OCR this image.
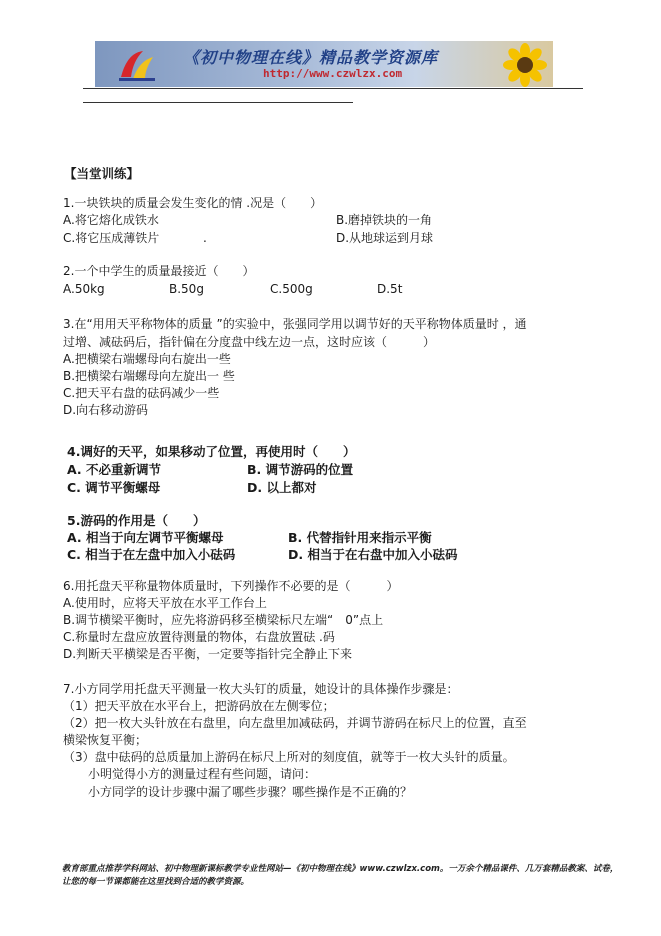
《初中物理在线》精品教学资源库
http://www.czwlzx.com
【当堂训练】
1.一块铁块的质量会发生变化的情 .况是（　　）
A.将它熔化成铁水	B.磨掉铁块的一角
C.将它压成薄铁片	.	D.从地球运到月球
2.一个中学生的质量最接近（　　）
A.50kg	B.50g	C.500g	D.5t
3.在“用用天平称物体的质量 ”的实验中，张强同学用以调节好的天平称物体质量时 ，通
过增、减砝码后，指针偏在分度盘中线左边一点，这时应该（　　　）
A.把横梁右端螺母向右旋出一些
B.把横梁右端螺母向左旋出一 些
C.把天平右盘的砝码减少一些
D.向右移动游码
4.调好的天平，如果移动了位置，再使用时（　　）
A. 不必重新调节	B. 调节游码的位置
C. 调节平衡螺母	D. 以上都对
5.游码的作用是（　　）
A. 相当于向左调节平衡螺母	B. 代替指针用来指示平衡
C. 相当于在左盘中加入小砝码	D. 相当于在右盘中加入小砝码
6.用托盘天平称量物体质量时，下列操作不必要的是（　　　）
A.使用时，应将天平放在水平工作台上
B.调节横梁平衡时，应先将游码移至横梁标尺左端“　0”点上
C.称量时左盘应放置待测量的物体，右盘放置砝 .码
D.判断天平横梁是否平衡，一定要等指针完全静止下来
7.小方同学用托盘天平测量一枚大头钉的质量，她设计的具体操作步骤是：
（1）把天平放在水平台上，把游码放在左侧零位；
（2）把一枚大头针放在右盘里，向左盘里加减砝码，并调节游码在标尺上的位置，直至
横梁恢复平衡；
（3）盘中砝码的总质量加上游码在标尺上所对的刻度值，就等于一枚大头针的质量。
小明觉得小方的测量过程有些问题，请问：
小方同学的设计步骤中漏了哪些步骤？哪些操作是不正确的？
教育部重点推荐学科网站、初中物理新课标教学专业性网站—《初中物理在线》www.czwlzx.com。一万余个精品课件、几万套精品教案、试卷，让您的每一节课都能在这里找到合适的教学资源。
